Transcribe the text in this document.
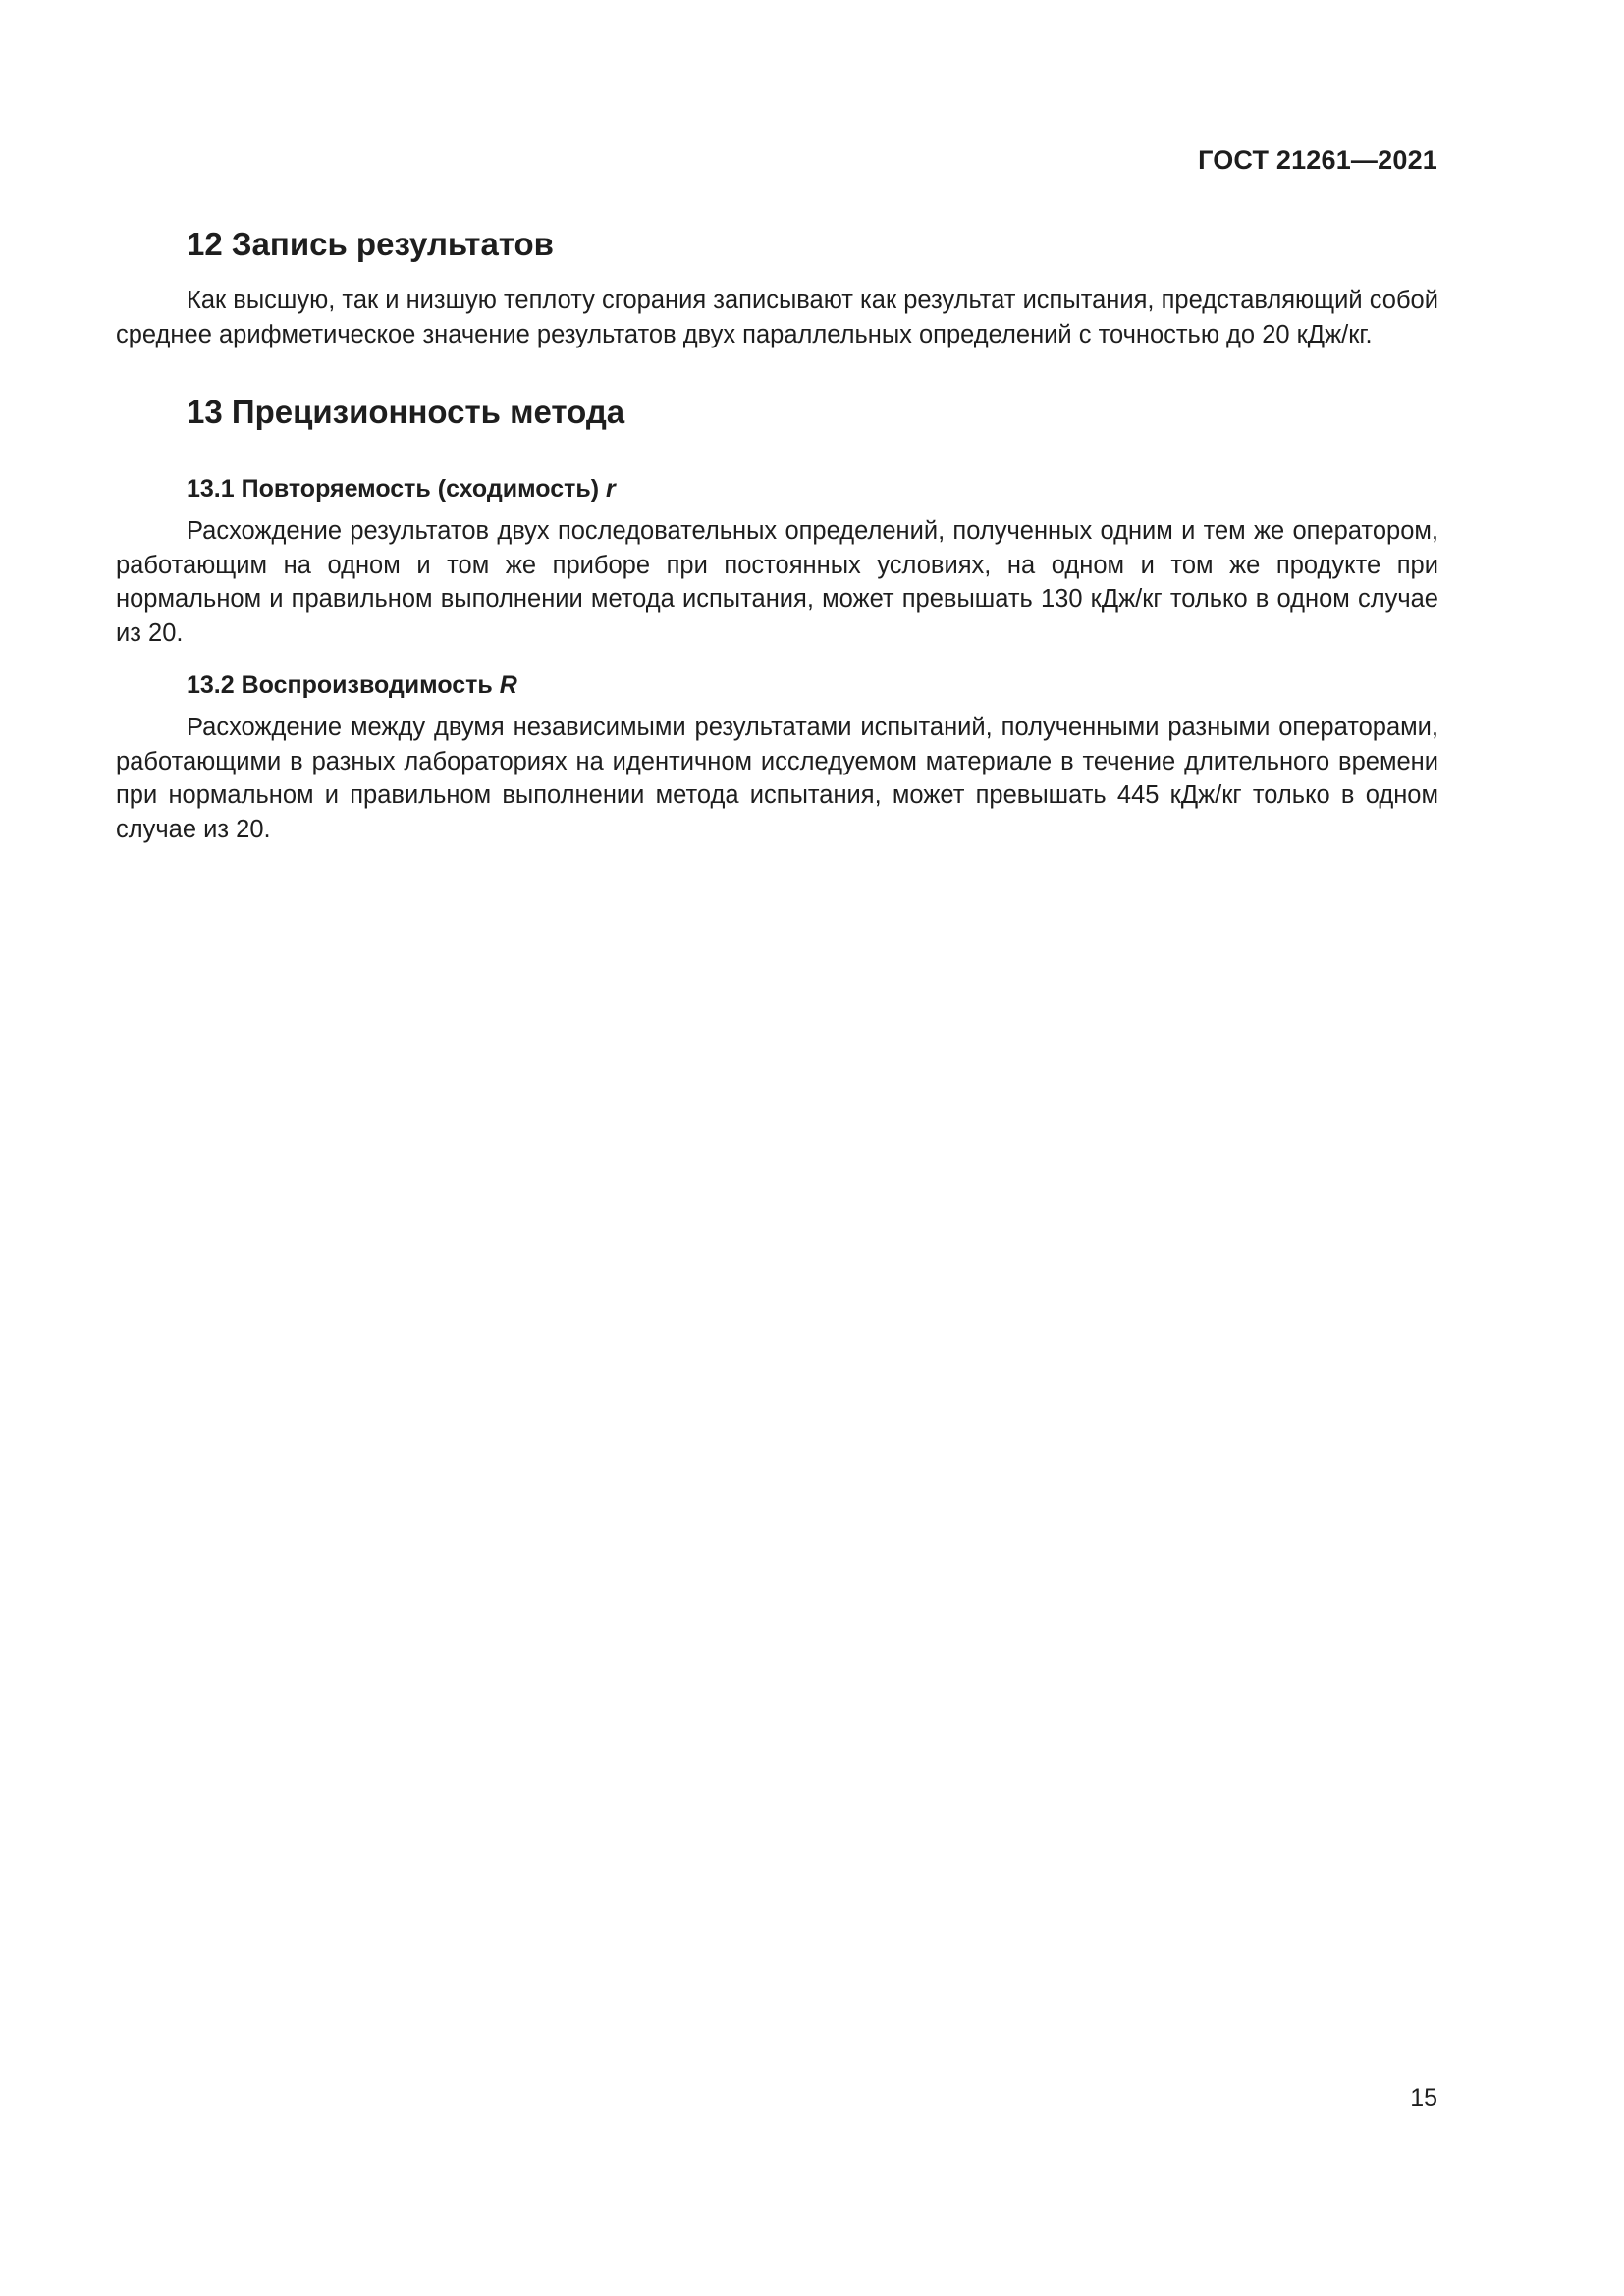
ГОСТ 21261—2021
12 Запись результатов

Как высшую, так и низшую теплоту сгорания записывают как результат испытания, представляющий собой среднее арифметическое значение результатов двух параллельных определений с точностью до 20 кДж/кг.

13 Прецизионность метода
13.1 Повторяемость (сходимость) r

Расхождение результатов двух последовательных определений, полученных одним и тем же оператором, работающим на одном и том же приборе при постоянных условиях, на одном и том же продукте при нормальном и правильном выполнении метода испытания, может превышать 130 кДж/кг только в одном случае из 20.

13.2 Воспроизводимость R

Расхождение между двумя независимыми результатами испытаний, полученными разными операторами, работающими в разных лабораториях на идентичном исследуемом материале в течение длительного времени при нормальном и правильном выполнении метода испытания, может превышать 445 кДж/кг только в одном случае из 20.

15
